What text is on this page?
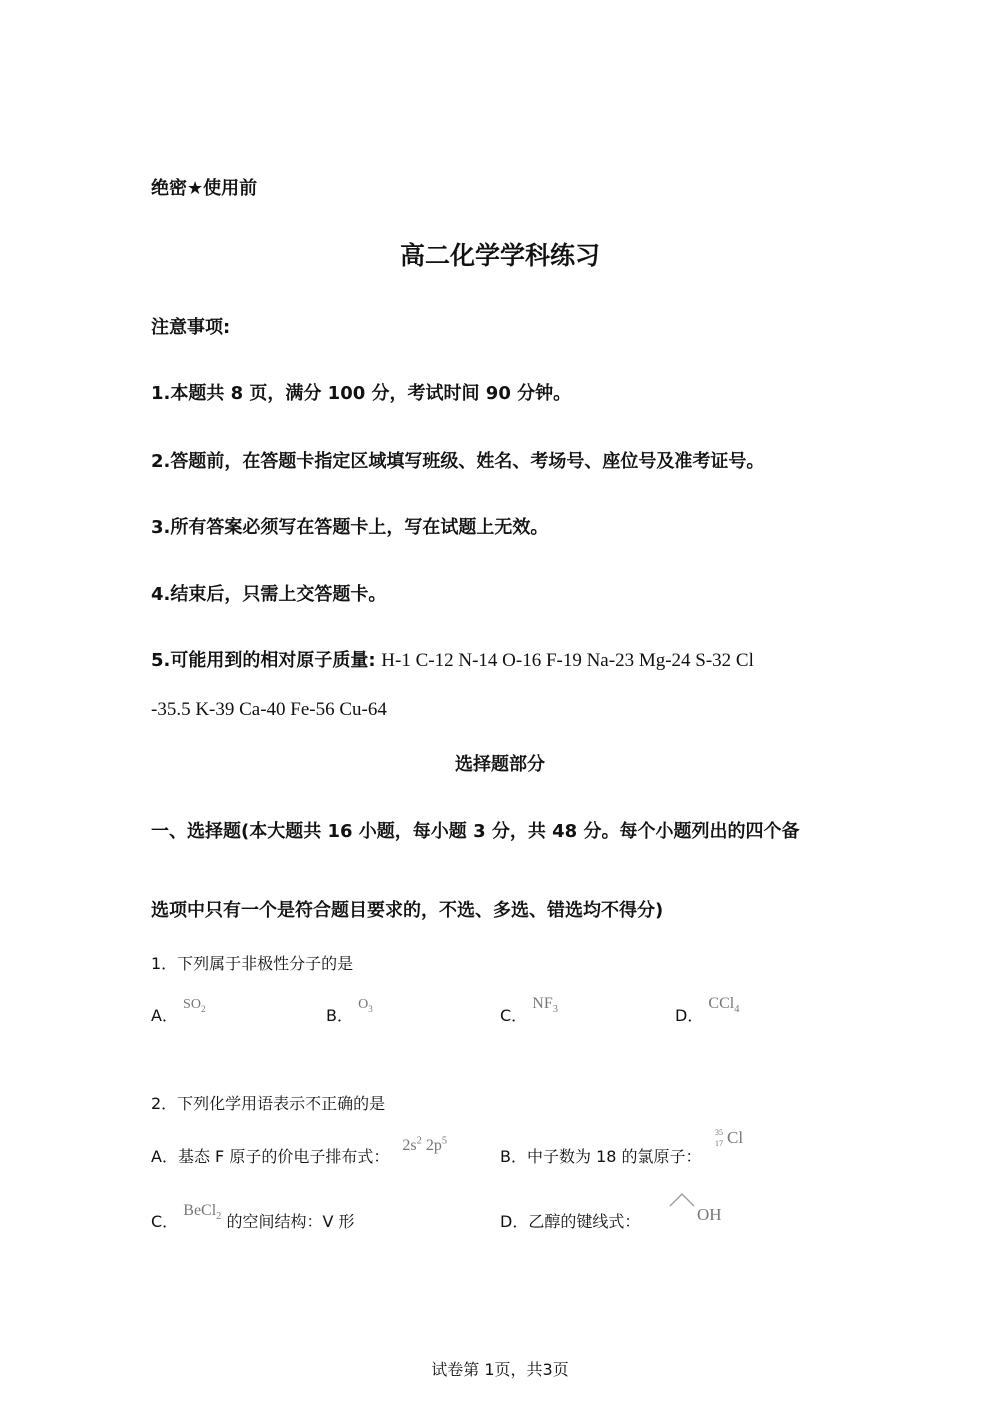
绝密★使用前
高二化学学科练习
注意事项:
1.本题共 8 页，满分 100 分，考试时间 90 分钟。
2.答题前，在答题卡指定区域填写班级、姓名、考场号、座位号及准考证号。
3.所有答案必须写在答题卡上，写在试题上无效。
4.结束后，只需上交答题卡。
5.可能用到的相对原子质量: H-1 C-12 N-14 O-16 F-19 Na-23 Mg-24 S-32 Cl
-35.5 K-39 Ca-40 Fe-56 Cu-64
选择题部分
一、选择题(本大题共 16 小题，每小题 3 分，共 48 分。每个小题列出的四个备
选项中只有一个是符合题目要求的，不选、多选、错选均不得分)
1．下列属于非极性分子的是
A． $SO_2$	B． $O_3$	C． $NF_3$	D． CCl$_4$
2．下列化学用语表示不正确的是
A．基态 F 原子的价电子排布式： $2s^2$ $2p^5$
B．中子数为 18 的氯原子：
35
17 Cl
C． BeCl$_2$ 的空间结构：V 形	D．乙醇的键线式：	OH
试卷第 1页，共3页
